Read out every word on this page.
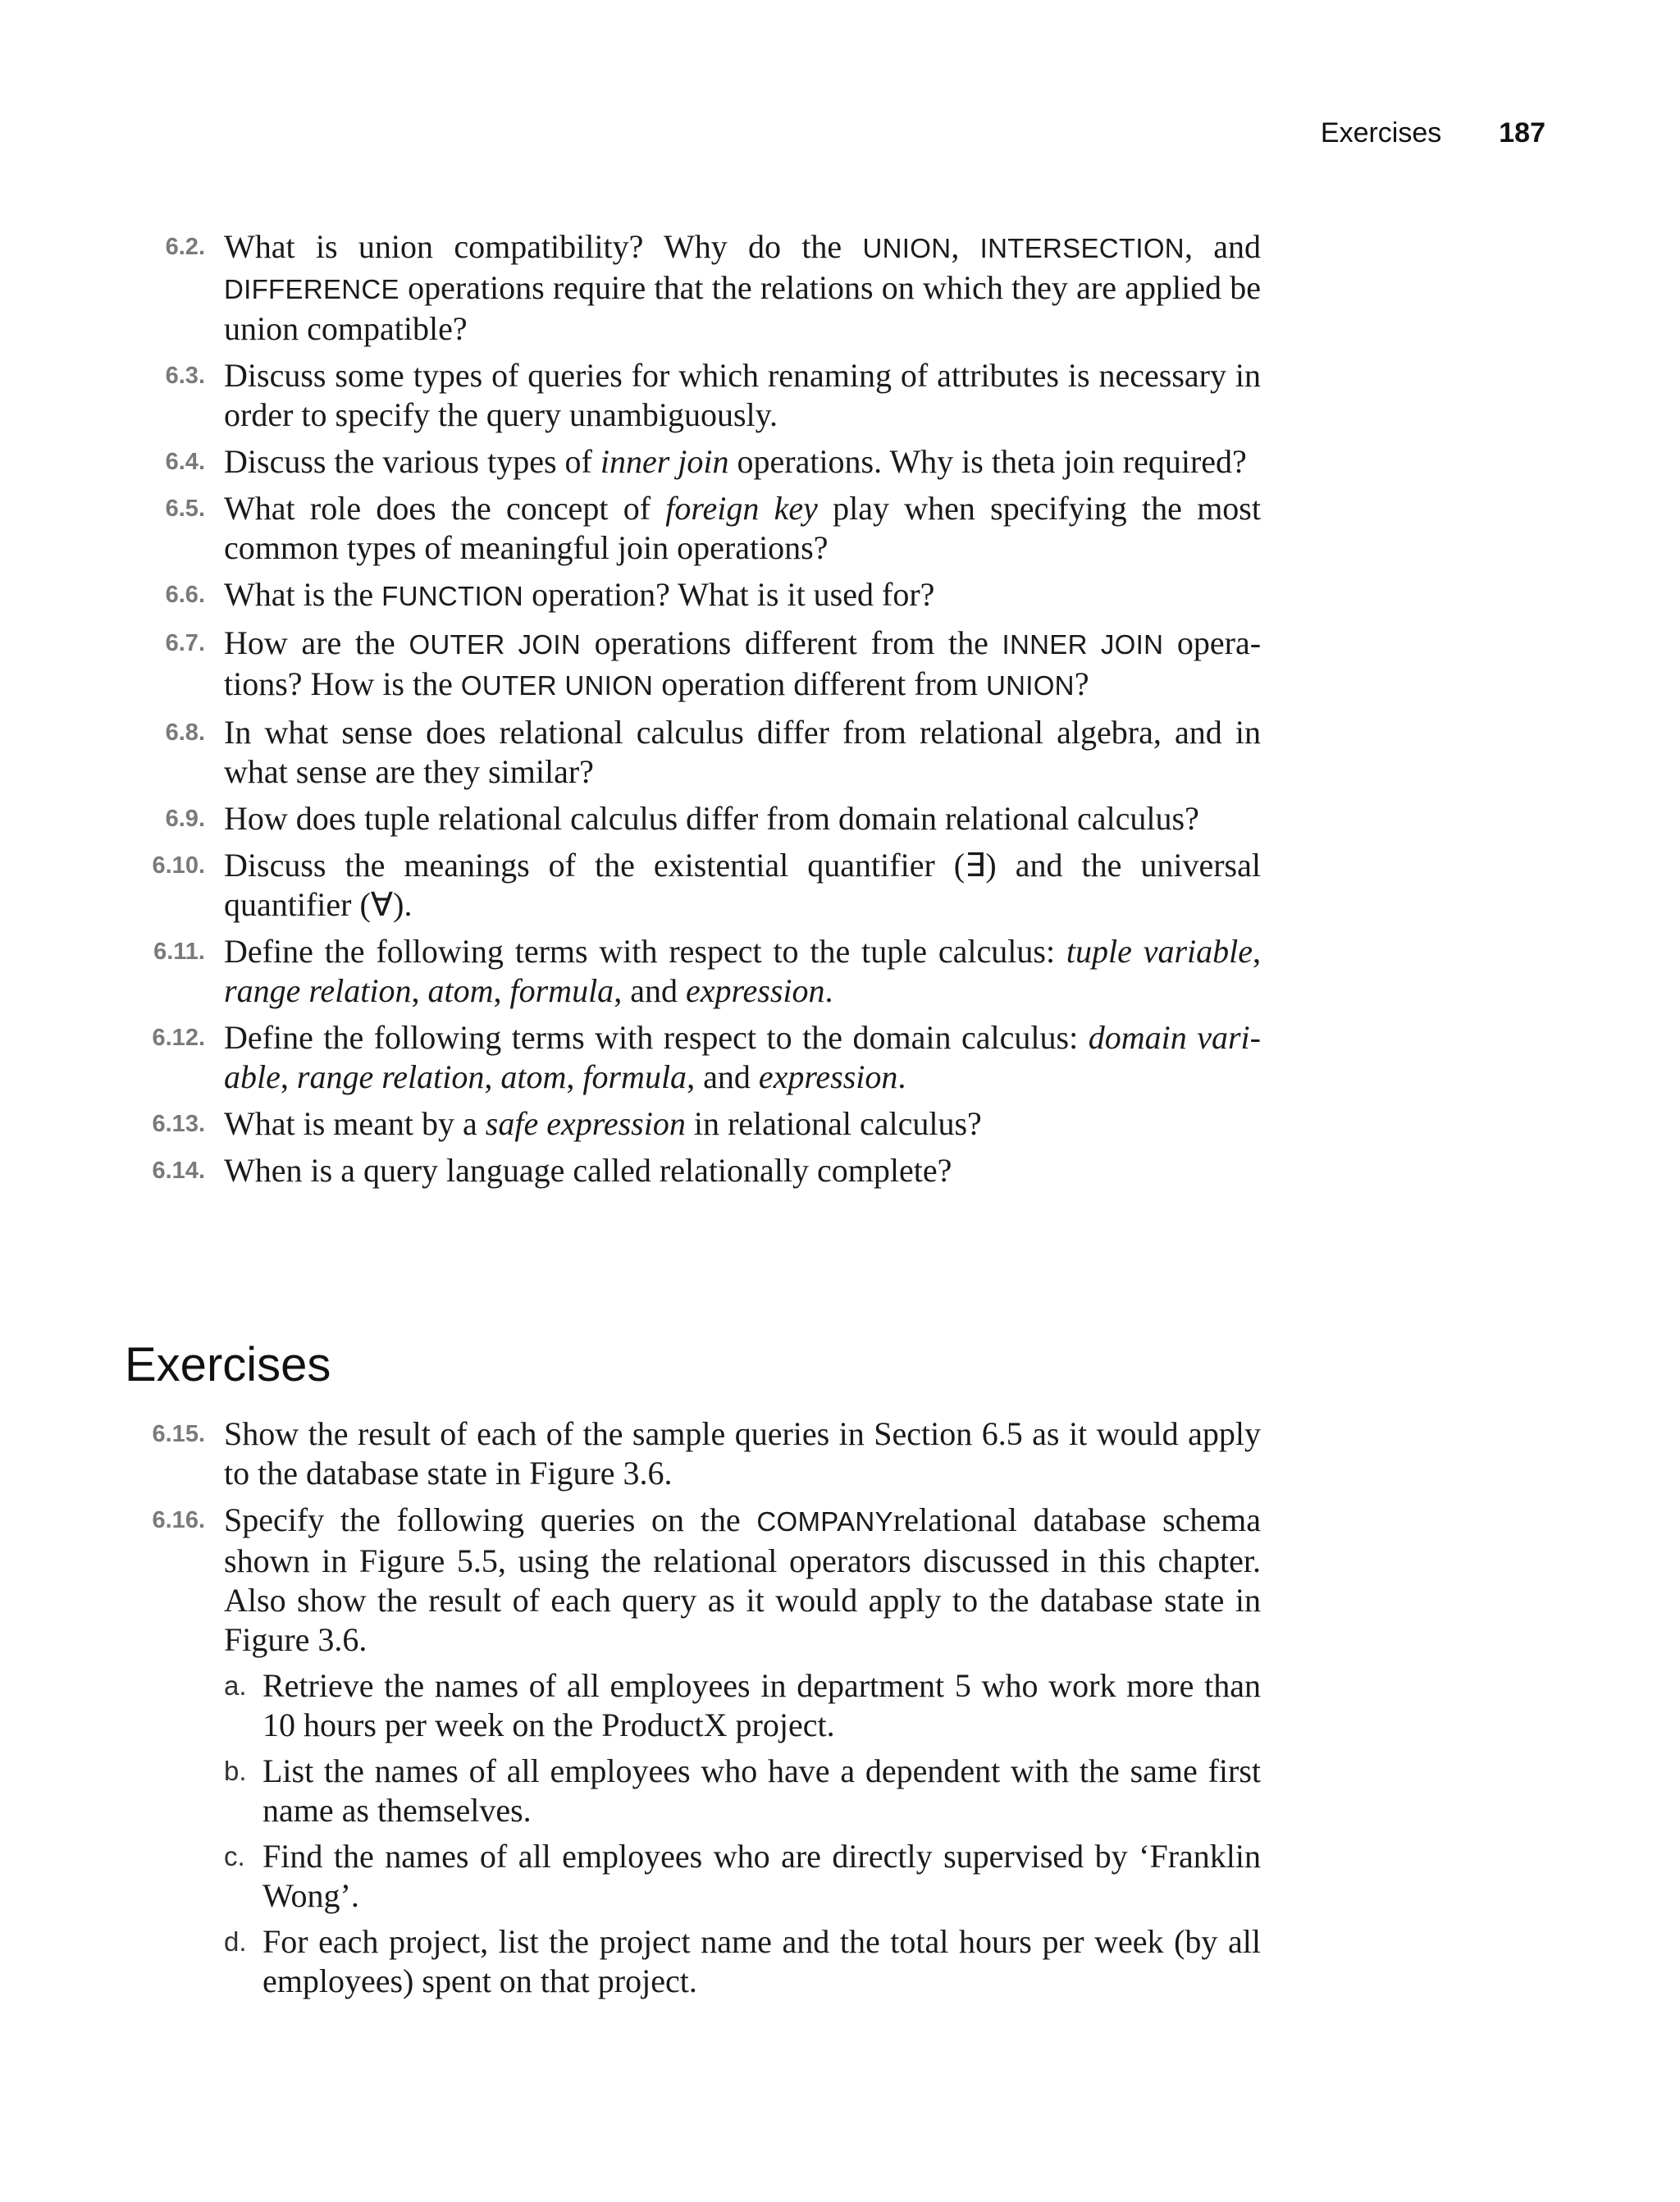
Exercises 187
6.2. What is union compatibility? Why do the UNION, INTERSECTION, and DIFFERENCE operations require that the relations on which they are applied be union compatible?
6.3. Discuss some types of queries for which renaming of attributes is necessary in order to specify the query unambiguously.
6.4. Discuss the various types of inner join operations. Why is theta join required?
6.5. What role does the concept of foreign key play when specifying the most common types of meaningful join operations?
6.6. What is the FUNCTION operation? What is it used for?
6.7. How are the OUTER JOIN operations different from the INNER JOIN opera-tions? How is the OUTER UNION operation different from UNION?
6.8. In what sense does relational calculus differ from relational algebra, and in what sense are they similar?
6.9. How does tuple relational calculus differ from domain relational calculus?
6.10. Discuss the meanings of the existential quantifier (∃) and the universal quantifier (∀).
6.11. Define the following terms with respect to the tuple calculus: tuple variable, range relation, atom, formula, and expression.
6.12. Define the following terms with respect to the domain calculus: domain vari-able, range relation, atom, formula, and expression.
6.13. What is meant by a safe expression in relational calculus?
6.14. When is a query language called relationally complete?
Exercises
6.15. Show the result of each of the sample queries in Section 6.5 as it would apply to the database state in Figure 3.6.
6.16. Specify the following queries on the COMPANYrelational database schema shown in Figure 5.5, using the relational operators discussed in this chapter. Also show the result of each query as it would apply to the database state in Figure 3.6.
a. Retrieve the names of all employees in department 5 who work more than 10 hours per week on the ProductX project.
b. List the names of all employees who have a dependent with the same first name as themselves.
c. Find the names of all employees who are directly supervised by ‘Franklin Wong’.
d. For each project, list the project name and the total hours per week (by all employees) spent on that project.
